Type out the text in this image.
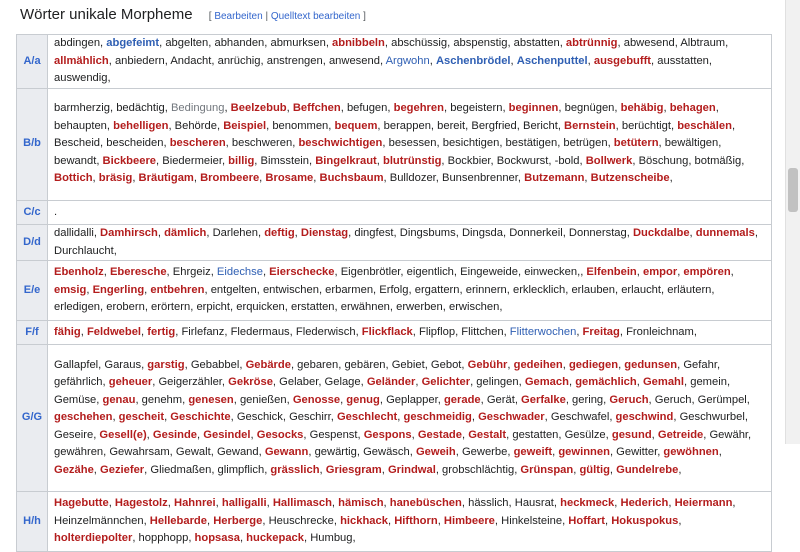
Wörter unikale Morpheme [ Bearbeiten | Quelltext bearbeiten ]
A/a	abdingen, abgefeimt, abgelten, abhanden, abmurksen, abnibbeln, abschüssig, abspenstig, abstatten, abtrünnig, abwesend, Albtraum, allmählich, anbiedern, Andacht, anrüchig, anstrengen, anwesend, Argwohn, Aschenbrödel, Aschenputtel, ausgebufft, ausstatten, auswendig,
B/b	barmherzig, bedächtig, Bedingung, Beelzebub, Beffchen, befugen, begehren, begeistern, beginnen, begnügen, behäbig, behagen, behaupten, behelligen, Behörde, Beispiel, benommen, bequem, berappen, bereit, Bergfried, Bericht, Bernstein, berüchtigt, beschälen, Bescheid, bescheiden, bescheren, beschweren, beschwichtigen, besessen, besichtigen, bestätigen, betrügen, betütern, bewältigen, bewandt, Bickbeere, Biedermeier, billig, Bimsstein, Bingelkraut, blutrünstig, Bockbier, Bockwurst, -bold, Bollwerk, Böschung, botmäßig, Bottich, bräsig, Bräutigam, Brombeere, Brosame, Buchsbaum, Bulldozer, Bunsenbrenner, Butzemann, Butzenscheibe,
C/c	.
D/d	dallidalli, Damhirsch, dämlich, Darlehen, deftig, Dienstag, dingfest, Dingsbums, Dingsda, Donnerkeil, Donnerstag, Duckdalbe, dunnemals, Durchlaucht,
E/e	Ebenholz, Eberesche, Ehrgeiz, Eidechse, Eierschecke, Eigenbrötler, eigentlich, Eingeweide, einwecken,, Elfenbein, empor, empören, emsig, Engerling, entbehren, entgelten, entwischen, erbarmen, Erfolg, ergattern, erinnern, erklecklich, erlauben, erlaucht, erläutern, erledigen, erobern, erörtern, erpicht, erquicken, erstatten, erwähnen, erwerben, erwischen,
F/f	fähig, Feldwebel, fertig, Firlefanz, Fledermaus, Flederwisch, Flickflack, Flipflop, Flittchen, Flitterwochen, Freitag, Fronleichnam,
G/G	Gallapfel, Garaus, garstig, Gebabbel, Gebärde, gebaren, gebären, Gebiet, Gebot, Gebühr, gedeihen, gediegen, gedunsen, Gefahr, gefährlich, geheuer, Geigerzähler, Gekröse, Gelaber, Gelage, Geländer, Gelichter, gelingen, Gemach, gemächlich, Gemahl, gemein, Gemüse, genau, genehm, genesen, genießen, Genosse, genug, Geplapper, gerade, Gerät, Gerfalke, gering, Geruch, Geruch, Gerümpel, geschehen, gescheit, Geschichte, Geschick, Geschirr, Geschlecht, geschmeidig, Geschwader, Geschwafel, geschwind, Geschwurbel, Geseire, Gesell(e), Gesinde, Gesindel, Gesocks, Gespenst, Gespons, Gestade, Gestalt, gestatten, Gesülze, gesund, Getreide, Gewähr, gewähren, Gewahrsam, Gewalt, Gewand, Gewann, gewärtig, Gewäsch, Geweih, Gewerbe, geweift, gewinnen, Gewitter, gewöhnen, Gezähe, Geziefer, Gliedmaßen, glimpflich, grässlich, Griesgram, Grindwal, grobschlächtig, Grünspan, gültig, Gundelrebe,
H/h	Hagebutte, Hagestolz, Hahnrei, halligalli, Hallimasch, hämisch, hanebüschen, hässlich, Hausrat, heckmeck, Hederich, Heiermann, Heinzelmännchen, Hellebarde, Herberge, Heuschrecke, hickhack, Hifthorn, Himbeere, Hinkelsteine, Hoffart, Hokuspokus, holterdiepolter, hopphopp, hopsasa, huckepack, Humbug,
